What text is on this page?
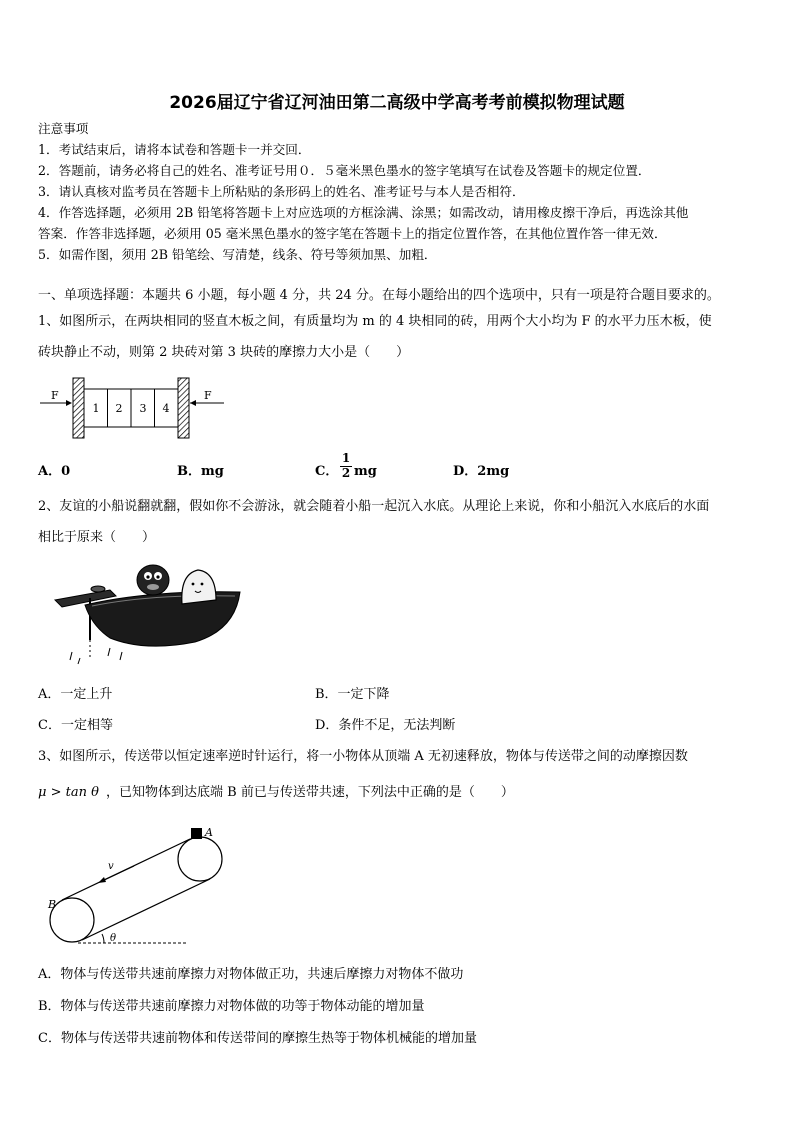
2026届辽宁省辽河油田第二高级中学高考考前模拟物理试题
注意事项
1．考试结束后，请将本试卷和答题卡一并交回．
2．答题前，请务必将自己的姓名、准考证号用０．５毫米黑色墨水的签字笔填写在试卷及答题卡的规定位置．
3．请认真核对监考员在答题卡上所粘贴的条形码上的姓名、准考证号与本人是否相符．
4．作答选择题，必须用 2B 铅笔将答题卡上对应选项的方框涂满、涂黑；如需改动，请用橡皮擦干净后，再选涂其他
答案．作答非选择题，必须用 05 毫米黑色墨水的签字笔在答题卡上的指定位置作答，在其他位置作答一律无效．
5．如需作图，须用 2B 铅笔绘、写清楚，线条、符号等须加黑、加粗．
一、单项选择题：本题共 6 小题，每小题 4 分，共 24 分。在每小题给出的四个选项中，只有一项是符合题目要求的。
1、如图所示，在两块相同的竖直木板之间，有质量均为 m 的 4 块相同的砖，用两个大小均为 F 的水平力压木板，使
砖块静止不动，则第 2 块砖对第 3 块砖的摩擦力大小是（　　）
F
1 2 3 4
F
A．0	B．mg	C． $\frac{1}{2}$ mg	D．2mg
2、友谊的小船说翻就翻，假如你不会游泳，就会随着小船一起沉入水底。从理论上来说，你和小船沉入水底后的水面
相比于原来（　　）
A．一定上升	B．一定下降
C．一定相等	D．条件不足，无法判断
3、如图所示，传送带以恒定速率逆时针运行，将一小物体从顶端 A 无初速释放，物体与传送带之间的动摩擦因数
μ > tan θ ，已知物体到达底端 B 前已与传送带共速，下列法中正确的是（　　）
A
B
v
θ
A．物体与传送带共速前摩擦力对物体做正功，共速后摩擦力对物体不做功
B．物体与传送带共速前摩擦力对物体做的功等于物体动能的增加量
C．物体与传送带共速前物体和传送带间的摩擦生热等于物体机械能的增加量
